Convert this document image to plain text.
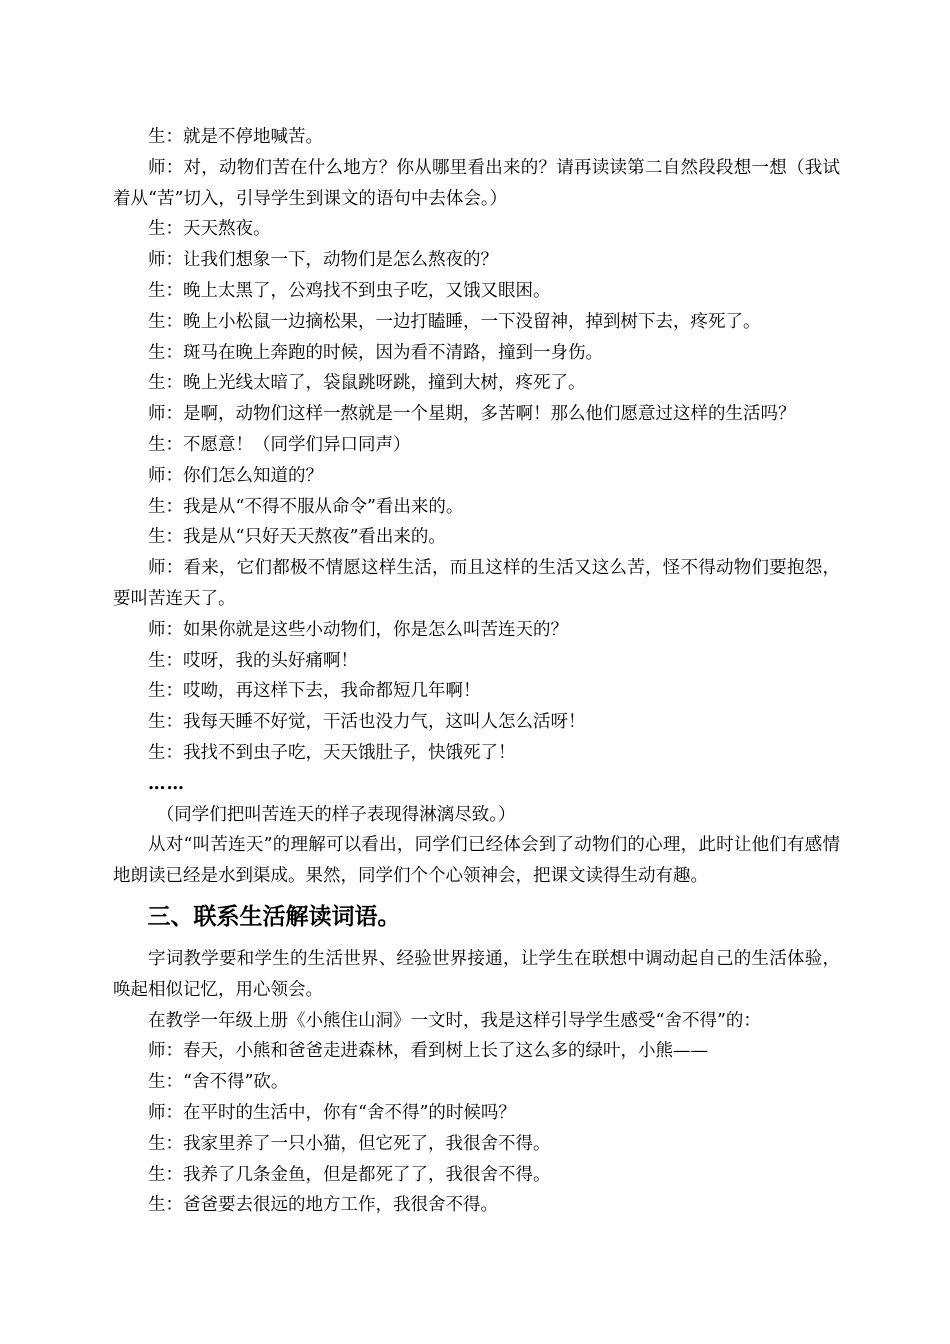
生：就是不停地喊苦。

师：对，动物们苦在什么地方？你从哪里看出来的？请再读读第二自然段段想一想（我试着从“苦”切入，引导学生到课文的语句中去体会。）

生：天天熬夜。

师：让我们想象一下，动物们是怎么熬夜的？

生：晚上太黑了，公鸡找不到虫子吃，又饿又眼困。

生：晚上小松鼠一边摘松果，一边打瞌睡，一下没留神，掉到树下去，疼死了。

生：斑马在晚上奔跑的时候，因为看不清路，撞到一身伤。

生：晚上光线太暗了，袋鼠跳呀跳，撞到大树，疼死了。

师：是啊，动物们这样一熬就是一个星期，多苦啊！那么他们愿意过这样的生活吗？

生：不愿意！（同学们异口同声）

师：你们怎么知道的？

生：我是从“不得不服从命令”看出来的。

生：我是从“只好天天熬夜”看出来的。

师：看来，它们都极不情愿这样生活，而且这样的生活又这么苦，怪不得动物们要抱怨，要叫苦连天了。

师：如果你就是这些小动物们，你是怎么叫苦连天的？

生：哎呀，我的头好痛啊！

生：哎呦，再这样下去，我命都短几年啊！

生：我每天睡不好觉，干活也没力气，这叫人怎么活呀！

生：我找不到虫子吃，天天饿肚子，快饿死了！

……

（同学们把叫苦连天的样子表现得淋漓尽致。）

从对“叫苦连天”的理解可以看出，同学们已经体会到了动物们的心理，此时让他们有感情地朗读已经是水到渠成。果然，同学们个个心领神会，把课文读得生动有趣。

三、联系生活解读词语。

字词教学要和学生的生活世界、经验世界接通，让学生在联想中调动起自己的生活体验，唤起相似记忆，用心领会。

在教学一年级上册《小熊住山洞》一文时，我是这样引导学生感受“舍不得”的：

师：春天，小熊和爸爸走进森林，看到树上长了这么多的绿叶，小熊——

生：“舍不得”砍。

师：在平时的生活中，你有“舍不得”的时候吗？

生：我家里养了一只小猫，但它死了，我很舍不得。

生：我养了几条金鱼，但是都死了了，我很舍不得。

生：爸爸要去很远的地方工作，我很舍不得。
